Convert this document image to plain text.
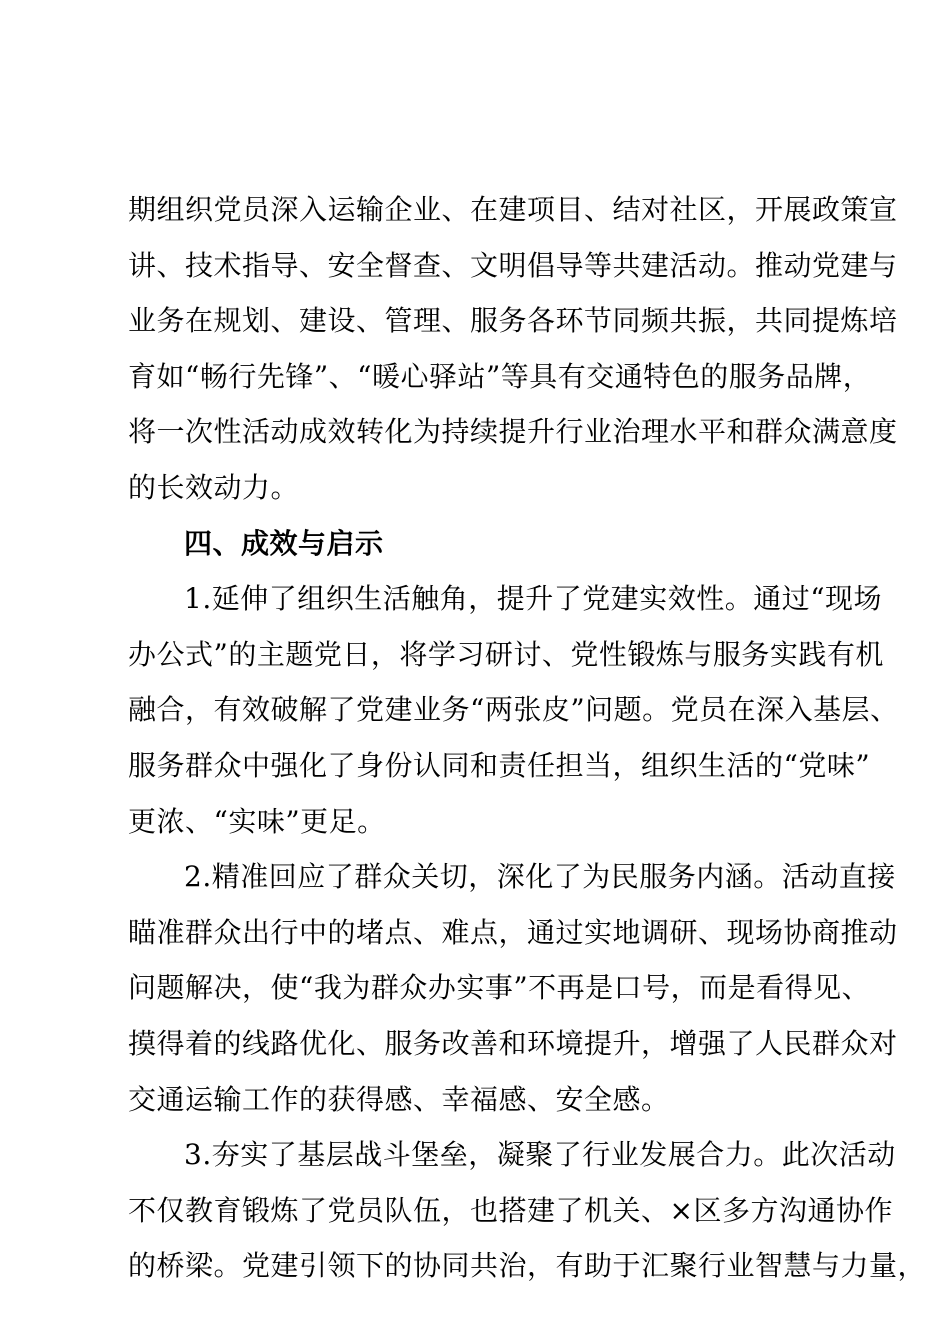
期组织党员深入运输企业、在建项目、结对社区，开展政策宣
讲、技术指导、安全督查、文明倡导等共建活动。推动党建与
业务在规划、建设、管理、服务各环节同频共振，共同提炼培
育如“畅行先锋”、“暖心驿站”等具有交通特色的服务品牌，
将一次性活动成效转化为持续提升行业治理水平和群众满意度
的长效动力。
四、成效与启示
1.延伸了组织生活触角，提升了党建实效性。通过“现场
办公式”的主题党日，将学习研讨、党性锻炼与服务实践有机
融合，有效破解了党建业务“两张皮”问题。党员在深入基层、
服务群众中强化了身份认同和责任担当，组织生活的“党味”
更浓、“实味”更足。
2.精准回应了群众关切，深化了为民服务内涵。活动直接
瞄准群众出行中的堵点、难点，通过实地调研、现场协商推动
问题解决，使“我为群众办实事”不再是口号，而是看得见、
摸得着的线路优化、服务改善和环境提升，增强了人民群众对
交通运输工作的获得感、幸福感、安全感。
3.夯实了基层战斗堡垒，凝聚了行业发展合力。此次活动
不仅教育锻炼了党员队伍，也搭建了机关、×区多方沟通协作
的桥梁。党建引领下的协同共治，有助于汇聚行业智慧与力量，
